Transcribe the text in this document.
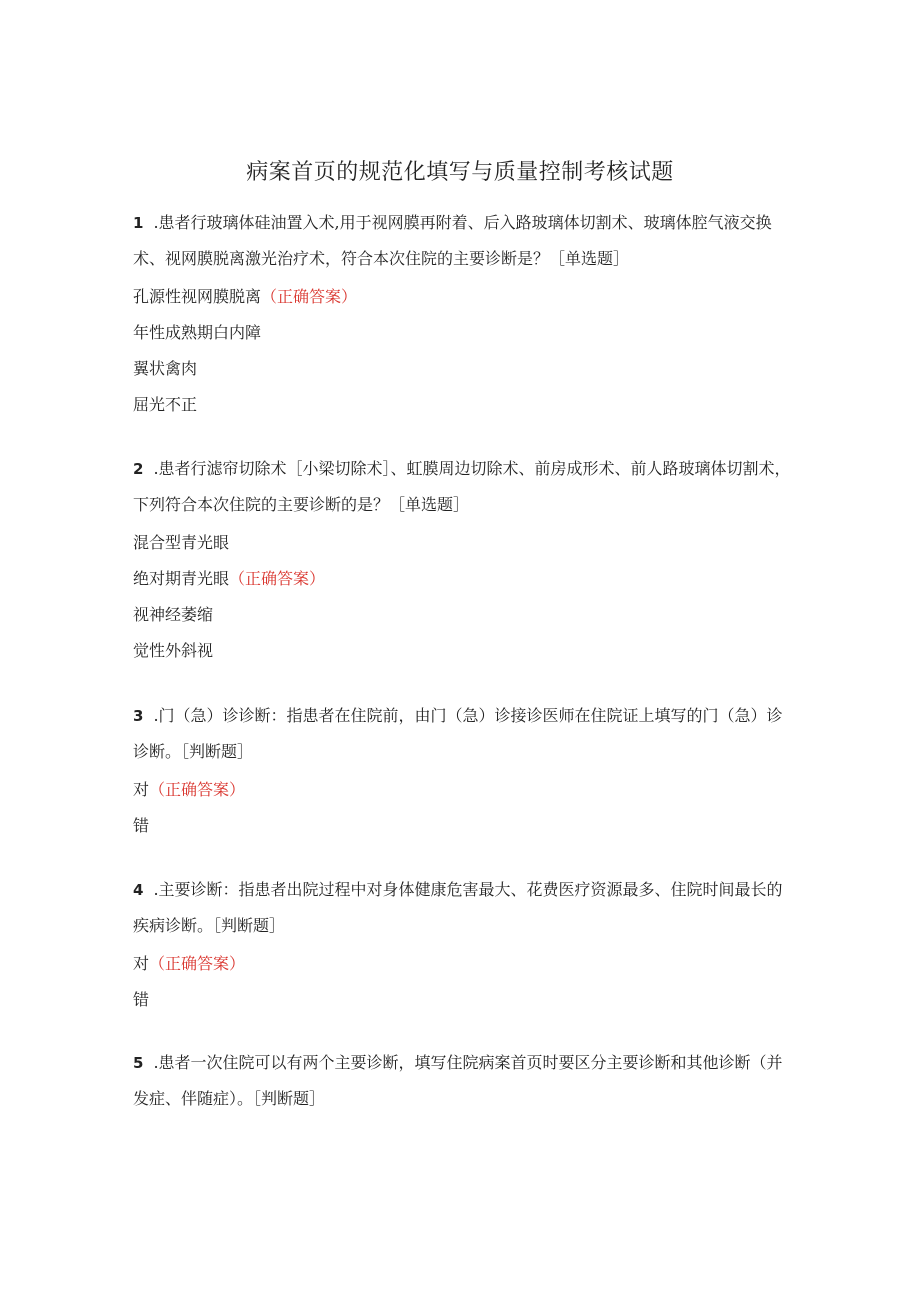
病案首页的规范化填写与质量控制考核试题
1 .患者行玻璃体硅油置入术,用于视网膜再附着、后入路玻璃体切割术、玻璃体腔气液交换术、视网膜脱离激光治疗术，符合本次住院的主要诊断是？［单选题］
孔源性视网膜脱离（正确答案）
年性成熟期白内障
翼状禽肉
屈光不正
2 .患者行滤帘切除术［小梁切除术］、虹膜周边切除术、前房成形术、前人路玻璃体切割术，下列符合本次住院的主要诊断的是？［单选题］
混合型青光眼
绝对期青光眼（正确答案）
视神经萎缩
觉性外斜视
3 .门（急）诊诊断：指患者在住院前，由门（急）诊接诊医师在住院证上填写的门（急）诊诊断。［判断题］
对（正确答案）
错
4 .主要诊断：指患者出院过程中对身体健康危害最大、花费医疗资源最多、住院时间最长的疾病诊断。［判断题］
对（正确答案）
错
5 .患者一次住院可以有两个主要诊断，填写住院病案首页时要区分主要诊断和其他诊断（并发症、伴随症）。［判断题］
